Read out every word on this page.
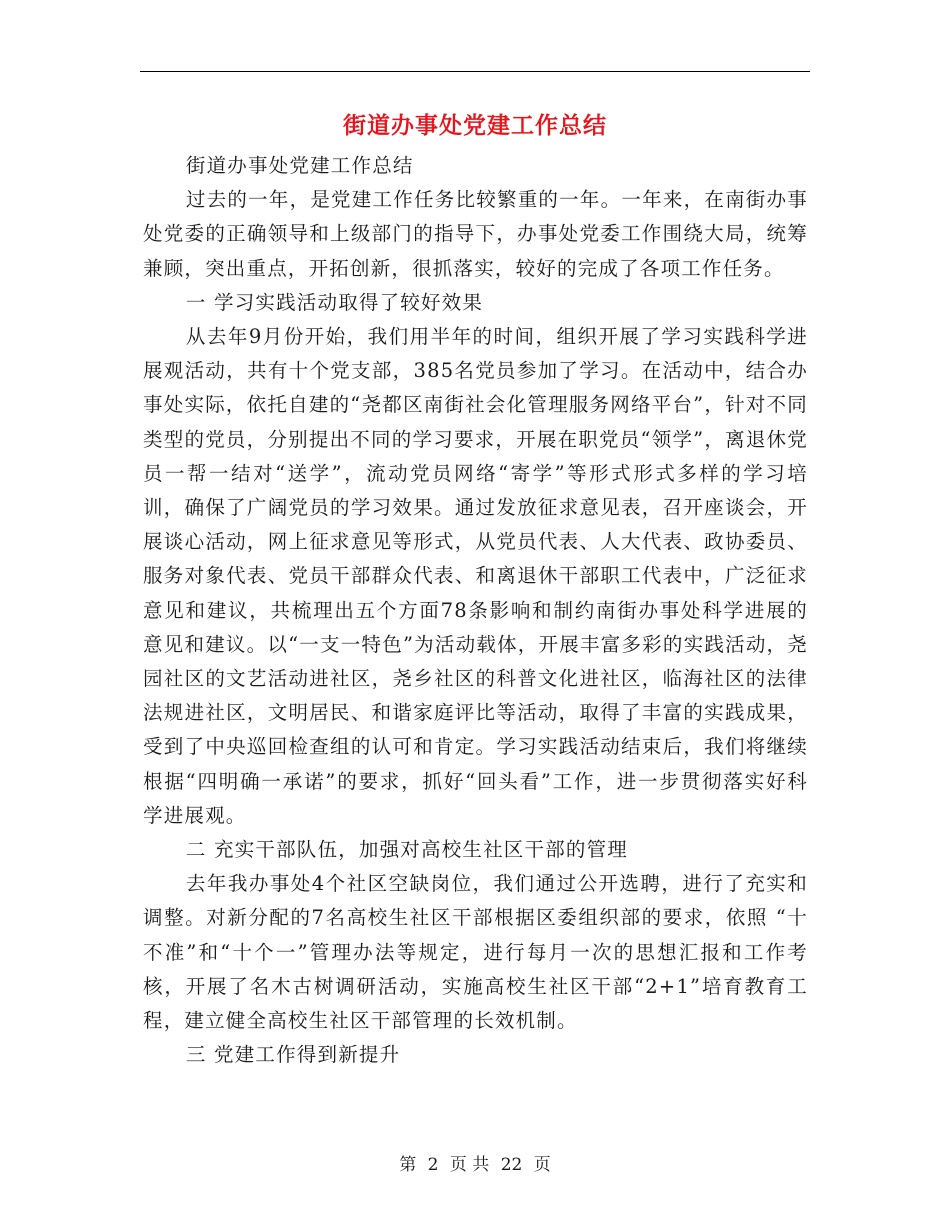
街道办事处党建工作总结

街道办事处党建工作总结

过去的一年，是党建工作任务比较繁重的一年。一年来，在南街办事处党委的正确领导和上级部门的指导下，办事处党委工作围绕大局，统筹兼顾，突出重点，开拓创新，很抓落实，较好的完成了各项工作任务。

一 学习实践活动取得了较好效果

从去年9月份开始，我们用半年的时间，组织开展了学习实践科学进展观活动，共有十个党支部，385名党员参加了学习。在活动中，结合办事处实际，依托自建的“尧都区南街社会化管理服务网络平台”，针对不同类型的党员，分别提出不同的学习要求，开展在职党员“领学”，离退休党员一帮一结对“送学”，流动党员网络“寄学”等形式形式多样的学习培训，确保了广阔党员的学习效果。通过发放征求意见表，召开座谈会，开展谈心活动，网上征求意见等形式，从党员代表、人大代表、政协委员、服务对象代表、党员干部群众代表、和离退休干部职工代表中，广泛征求意见和建议，共梳理出五个方面78条影响和制约南街办事处科学进展的意见和建议。以“一支一特色”为活动载体，开展丰富多彩的实践活动，尧园社区的文艺活动进社区，尧乡社区的科普文化进社区，临海社区的法律法规进社区，文明居民、和谐家庭评比等活动，取得了丰富的实践成果，受到了中央巡回检查组的认可和肯定。学习实践活动结束后，我们将继续根据“四明确一承诺”的要求，抓好“回头看”工作，进一步贯彻落实好科学进展观。

二 充实干部队伍，加强对高校生社区干部的管理

去年我办事处4个社区空缺岗位，我们通过公开选聘，进行了充实和调整。对新分配的7名高校生社区干部根据区委组织部的要求，依照 “十不准”和“十个一”管理办法等规定，进行每月一次的思想汇报和工作考核，开展了名木古树调研活动，实施高校生社区干部“2+1”培育教育工程，建立健全高校生社区干部管理的长效机制。

三 党建工作得到新提升

第 2 页 共 22 页
